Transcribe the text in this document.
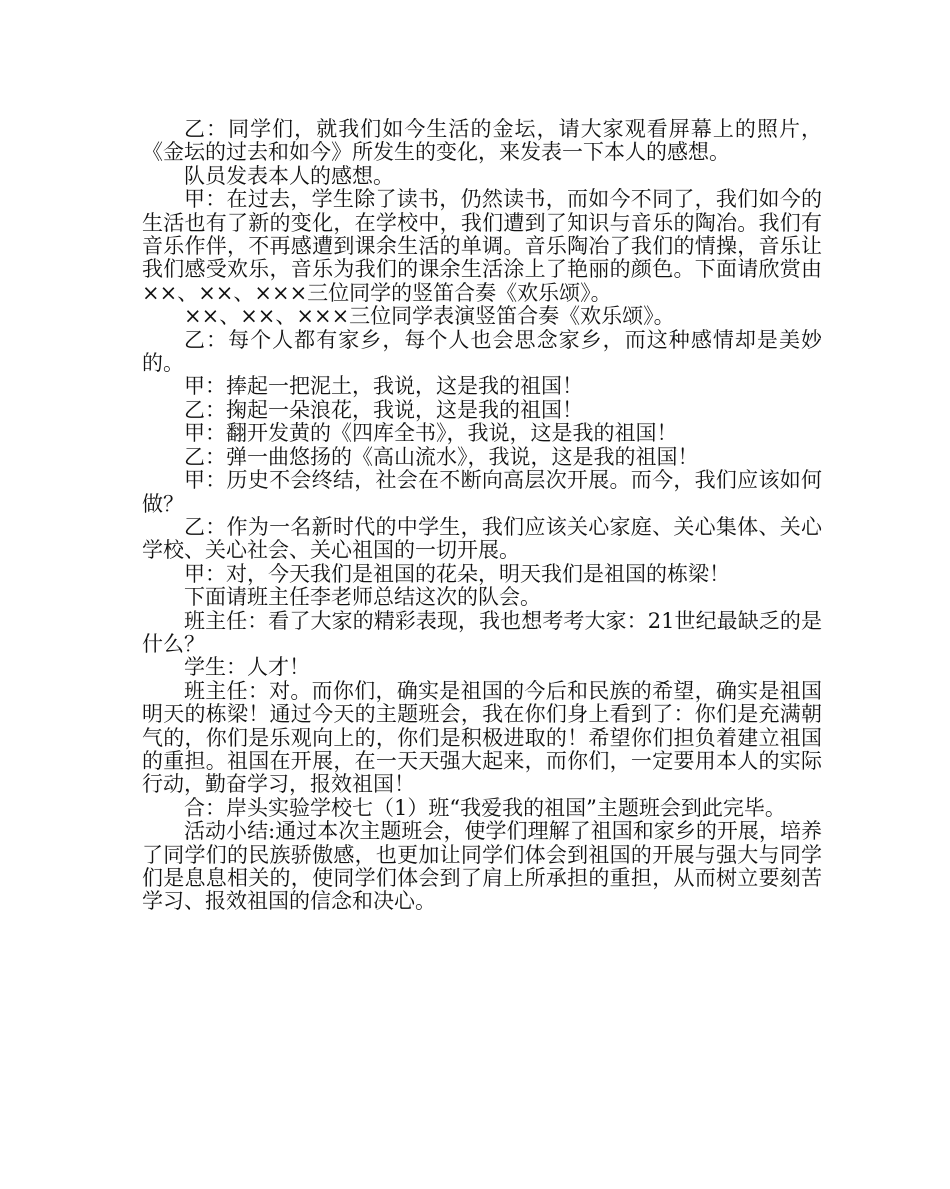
乙：同学们，就我们如今生活的金坛，请大家观看屏幕上的照片，《金坛的过去和如今》所发生的变化，来发表一下本人的感想。

队员发表本人的感想。

甲：在过去，学生除了读书，仍然读书，而如今不同了，我们如今的生活也有了新的变化，在学校中，我们遭到了知识与音乐的陶冶。我们有音乐作伴，不再感遭到课余生活的单调。音乐陶冶了我们的情操，音乐让我们感受欢乐，音乐为我们的课余生活涂上了艳丽的颜色。下面请欣赏由××、××、×××三位同学的竖笛合奏《欢乐颂》。

××、××、×××三位同学表演竖笛合奏《欢乐颂》。

乙：每个人都有家乡，每个人也会思念家乡，而这种感情却是美妙的。

甲：捧起一把泥土，我说，这是我的祖国！

乙：掬起一朵浪花，我说，这是我的祖国！

甲：翻开发黄的《四库全书》，我说，这是我的祖国！

乙：弹一曲悠扬的《高山流水》，我说，这是我的祖国！

甲：历史不会终结，社会在不断向高层次开展。而今，我们应该如何做？

乙：作为一名新时代的中学生，我们应该关心家庭、关心集体、关心学校、关心社会、关心祖国的一切开展。

甲：对，今天我们是祖国的花朵，明天我们是祖国的栋梁！

下面请班主任李老师总结这次的队会。

班主任：看了大家的精彩表现，我也想考考大家：21世纪最缺乏的是什么？

学生：人才！

班主任：对。而你们，确实是祖国的今后和民族的希望，确实是祖国明天的栋梁！通过今天的主题班会，我在你们身上看到了：你们是充满朝气的，你们是乐观向上的，你们是积极进取的！希望你们担负着建立祖国的重担。祖国在开展，在一天天强大起来，而你们，一定要用本人的实际行动，勤奋学习，报效祖国！

合：岸头实验学校七（1）班“我爱我的祖国”主题班会到此完毕。

活动小结:通过本次主题班会，使学们理解了祖国和家乡的开展，培养了同学们的民族骄傲感，也更加让同学们体会到祖国的开展与强大与同学们是息息相关的，使同学们体会到了肩上所承担的重担，从而树立要刻苦学习、报效祖国的信念和决心。
